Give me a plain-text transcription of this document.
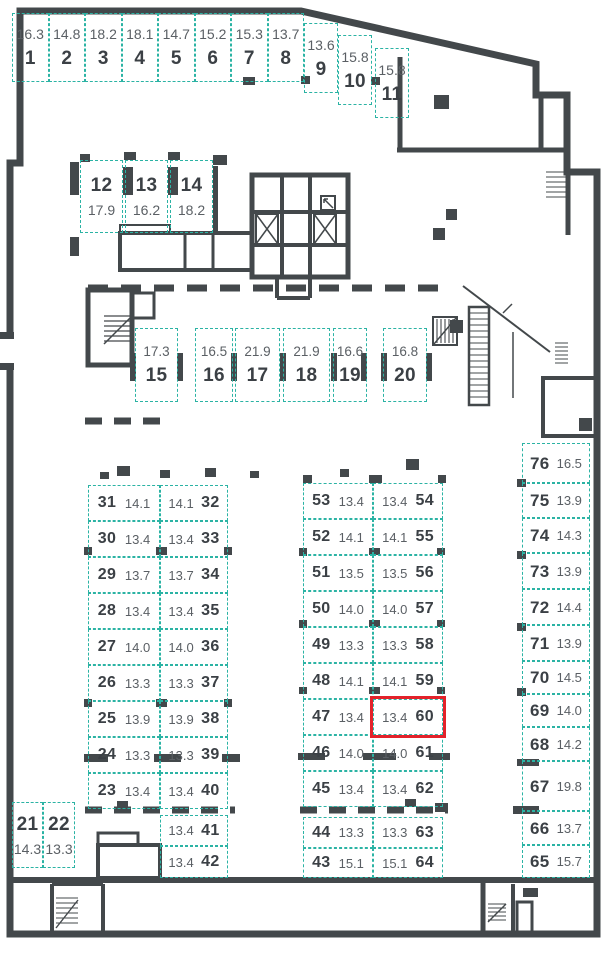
16.3
1
14.8
2
18.2
3
18.1
4
14.7
5
15.2
6
15.3
7
13.7
8
13.6
9
15.8
10
15.8
11
12
17.9
13
16.2
14
18.2
17.3
15
16.5
16
21.9
17
21.9
18
16.6
19
16.8
20
31 14.1 14.1 32
30 13.4 13.4 33
29 13.7 13.7 34
28 13.4 13.4 35
27 14.0 14.0 36
26 13.3 13.3 37
25 13.9 13.9 38
24 13.3 13.3 39
23 13.4 13.4 40
13.4 41
13.4 42
53 13.4 13.4 54
52 14.1 14.1 55
51 13.5 13.5 56
50 14.0 14.0 57
49 13.3 13.3 58
48 14.1 14.1 59
47 13.4 13.4 60
46 14.0 14.0 61
45 13.4 13.4 62
44 13.3 13.3 63
43 15.1 15.1 64
21
14.3
22
13.3
76 16.5
75 13.9
74 14.3
73 13.9
72 14.4
71 13.9
70 14.5
69 14.0
68 14.2
67 19.8
66 13.7
65 15.7
